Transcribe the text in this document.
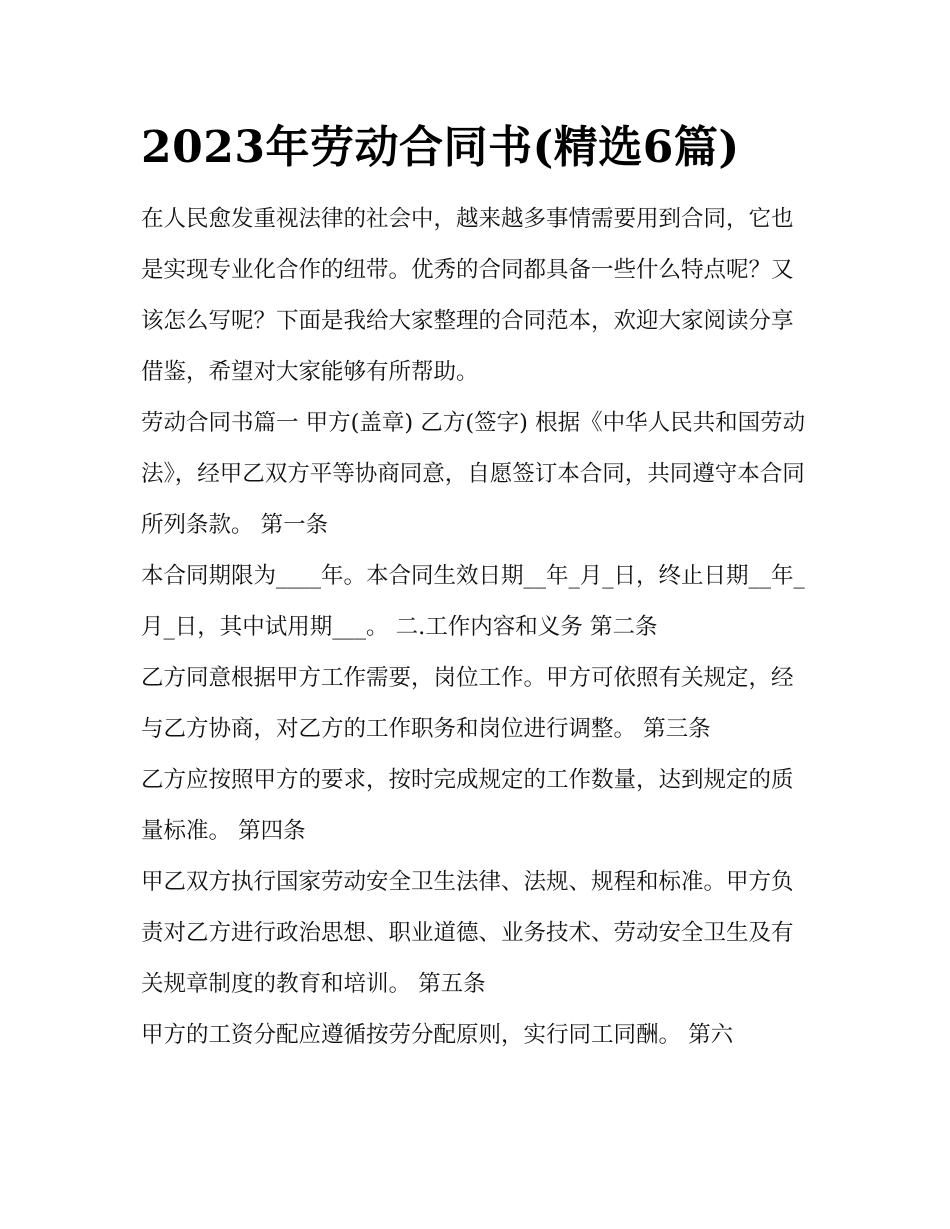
2023年劳动合同书(精选6篇)

在人民愈发重视法律的社会中，越来越多事情需要用到合同，它也是实现专业化合作的纽带。优秀的合同都具备一些什么特点呢？又该怎么写呢？下面是我给大家整理的合同范本，欢迎大家阅读分享借鉴，希望对大家能够有所帮助。

劳动合同书篇一 甲方(盖章) 乙方(签字) 根据《中华人民共和国劳动法》，经甲乙双方平等协商同意，自愿签订本合同，共同遵守本合同所列条款。 第一条

本合同期限为____年。本合同生效日期__年_月_日，终止日期__年_月_日，其中试用期___。 二.工作内容和义务 第二条

乙方同意根据甲方工作需要，岗位工作。甲方可依照有关规定，经与乙方协商，对乙方的工作职务和岗位进行调整。 第三条

乙方应按照甲方的要求，按时完成规定的工作数量，达到规定的质量标准。 第四条

甲乙双方执行国家劳动安全卫生法律、法规、规程和标准。甲方负责对乙方进行政治思想、职业道德、业务技术、劳动安全卫生及有关规章制度的教育和培训。 第五条

甲方的工资分配应遵循按劳分配原则，实行同工同酬。 第六
